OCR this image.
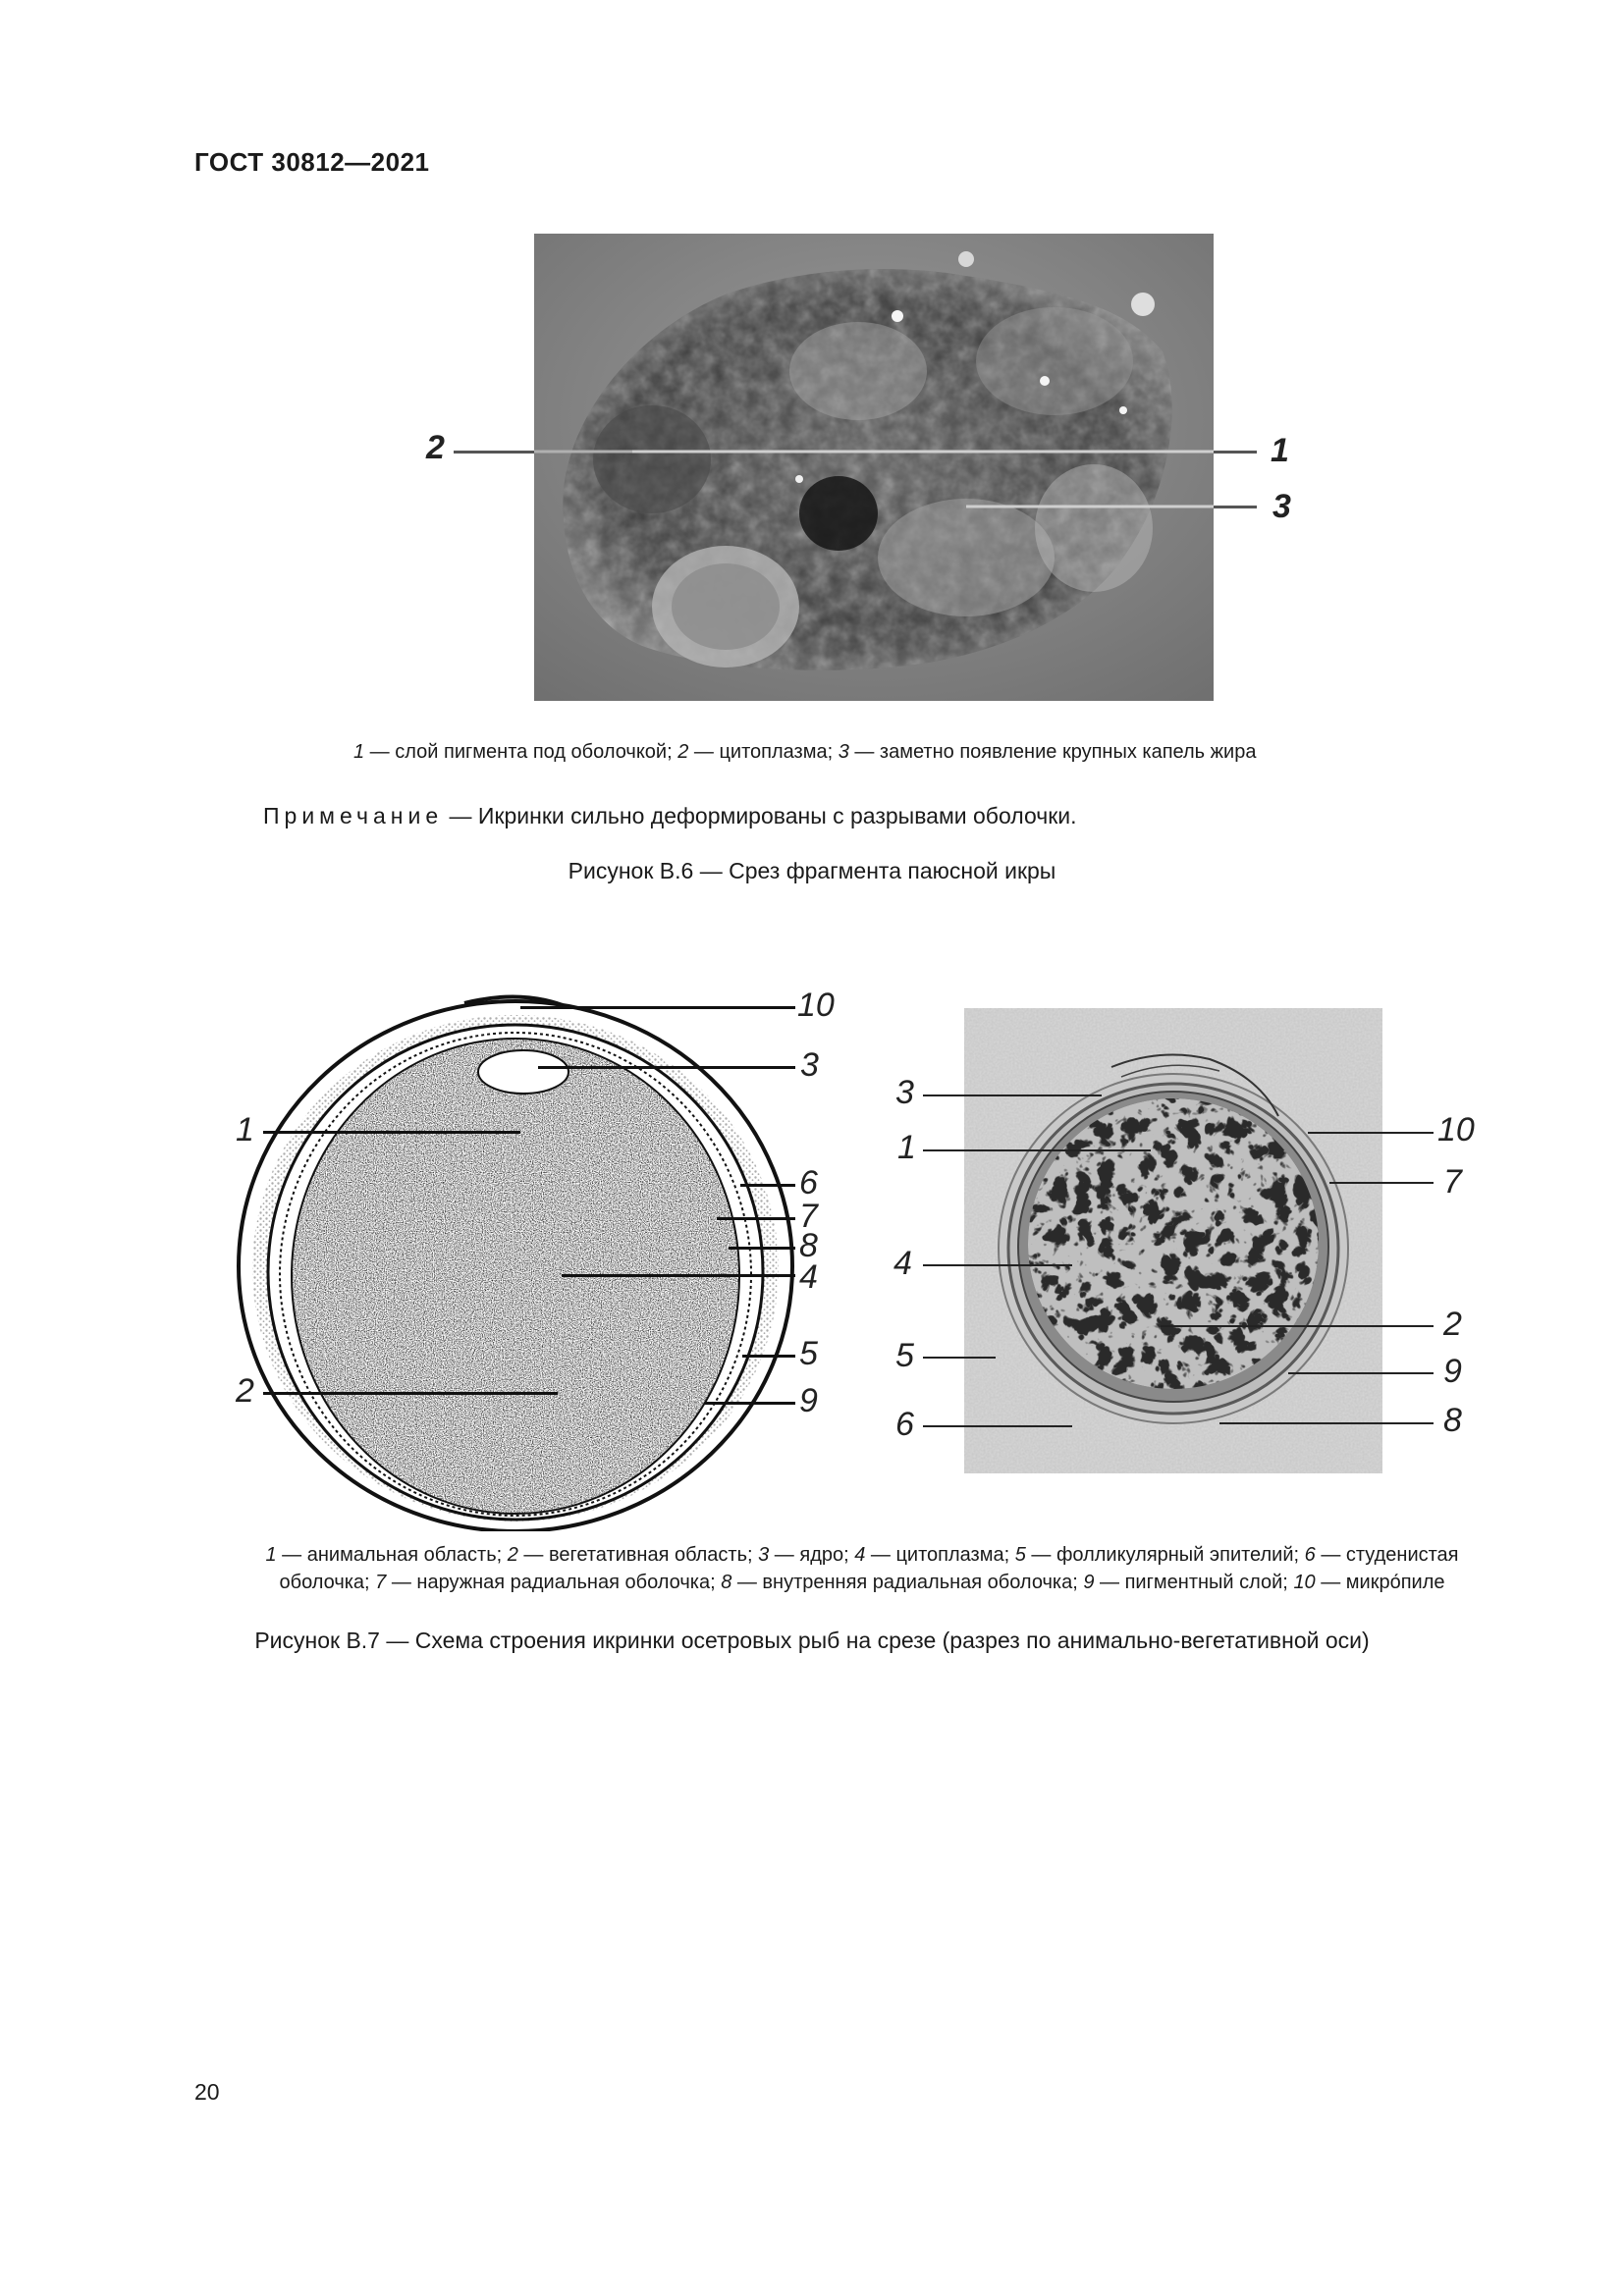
ГОСТ 30812—2021
2	1
3
1 — слой пигмента под оболочкой; 2 — цитоплазма; 3 — заметно появление крупных капель жира
Примечание — Икринки сильно деформированы с разрывами оболочки.
Рисунок В.6 — Срез фрагмента паюсной икры
10
3
1
6
7
8
4
5
2	9
3
1
4
5
6
10
7
2
9
8
1 — анимальная область; 2 — вегетативная область; 3 — ядро; 4 — цитоплазма; 5 — фолликулярный эпителий; 6 — студенистая
оболочка; 7 — наружная радиальная оболочка; 8 — внутренняя радиальная оболочка; 9 — пигментный слой; 10 — микро́пиле
Рисунок В.7 — Схема строения икринки осетровых рыб на срезе (разрез по анимально-вегетативной оси)
20
